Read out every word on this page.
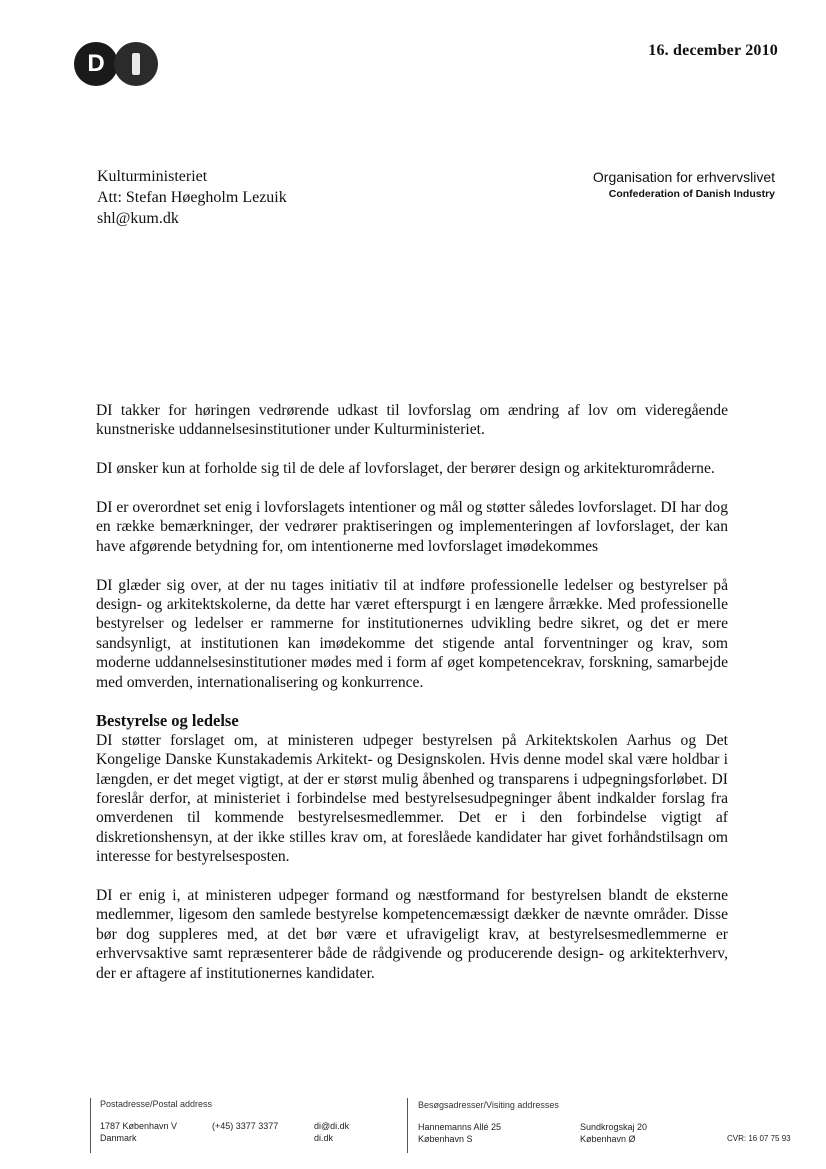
D	16. december 2010
Kulturministeriet
Att: Stefan Høegholm Lezuik
shl@kum.dk
Organisation for erhvervslivet
Confederation of Danish Industry

DI takker for høringen vedrørende udkast til lovforslag om ændring af lov om videregående kunstneriske uddannelsesinstitutioner under Kulturministeriet.

DI ønsker kun at forholde sig til de dele af lovforslaget, der berører design og arkitekturområderne.

DI er overordnet set enig i lovforslagets intentioner og mål og støtter således lovforslaget. DI har dog en række bemærkninger, der vedrører praktiseringen og implementeringen af lovforslaget, der kan have afgørende betydning for, om intentionerne med lovforslaget imødekommes

DI glæder sig over, at der nu tages initiativ til at indføre professionelle ledelser og bestyrelser på design- og arkitektskolerne, da dette har været efterspurgt i en længere årrække. Med professionelle bestyrelser og ledelser er rammerne for institutionernes udvikling bedre sikret, og det er mere sandsynligt, at institutionen kan imødekomme det stigende antal forventninger og krav, som moderne uddannelsesinstitutioner mødes med i form af øget kompetencekrav, forskning, samarbejde med omverden, internationalisering og konkurrence.

Bestyrelse og ledelse

DI støtter forslaget om, at ministeren udpeger bestyrelsen på Arkitektskolen Aarhus og Det Kongelige Danske Kunstakademis Arkitekt- og Designskolen. Hvis denne model skal være holdbar i længden, er det meget vigtigt, at der er størst mulig åbenhed og transparens i udpegningsforløbet. DI foreslår derfor, at ministeriet i forbindelse med bestyrelsesudpegninger åbent indkalder forslag fra omverdenen til kommende bestyrelsesmedlemmer. Det er i den forbindelse vigtigt af diskretionshensyn, at der ikke stilles krav om, at foreslåede kandidater har givet forhåndstilsagn om interesse for bestyrelsesposten.

DI er enig i, at ministeren udpeger formand og næstformand for bestyrelsen blandt de eksterne medlemmer, ligesom den samlede bestyrelse kompetencemæssigt dækker de nævnte områder. Disse bør dog suppleres med, at det bør være et ufravigeligt krav, at bestyrelsesmedlemmerne er erhvervsaktive samt repræsenterer både de rådgivende og producerende design- og arkitekterhverv, der er aftagere af institutionernes kandidater.

Postadresse/Postal address
1787 København V
Danmark
(+45) 3377 3377	di@di.dk
di.dk
Besøgsadresser/Visiting addresses
Hannemanns Allé 25
København S
Sundkrogskaj 20
København Ø	CVR: 16 07 75 93
